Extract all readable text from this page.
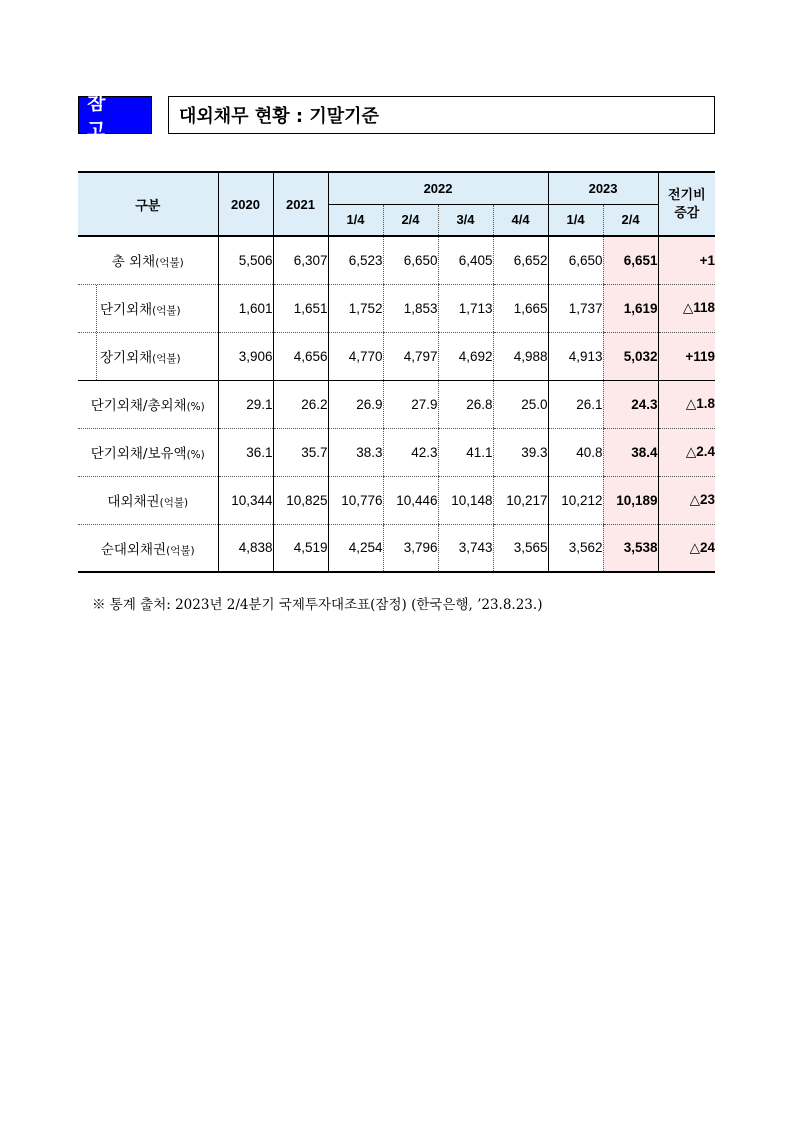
참 고
대외채무 현황 : 기말기준
구분	2020	2021	2022				2023		전기비
증감

			1/4	2/4	3/4	4/4	1/4	2/4	
총 외채(억불)	5,506	6,307	6,523	6,650	6,405	6,652	6,650	6,651	+1

단기외채(억불)	1,601	1,651	1,752	1,853	1,713	1,665	1,737	1,619	△118

장기외채(억불)	3,906	4,656	4,770	4,797	4,692	4,988	4,913	5,032	+119
단기외채/총외채(%)	29.1	26.2	26.9	27.9	26.8	25.0	26.1	24.3	△1.8
단기외채/보유액(%)	36.1	35.7	38.3	42.3	41.1	39.3	40.8	38.4	△2.4
대외채권(억불)	10,344	10,825	10,776	10,446	10,148	10,217	10,212	10,189	△23
순대외채권(억불)	4,838	4,519	4,254	3,796	3,743	3,565	3,562	3,538	△24
※ 통계 출처: 2023년 2/4분기 국제투자대조표(잠정) (한국은행, ’23.8.23.)
